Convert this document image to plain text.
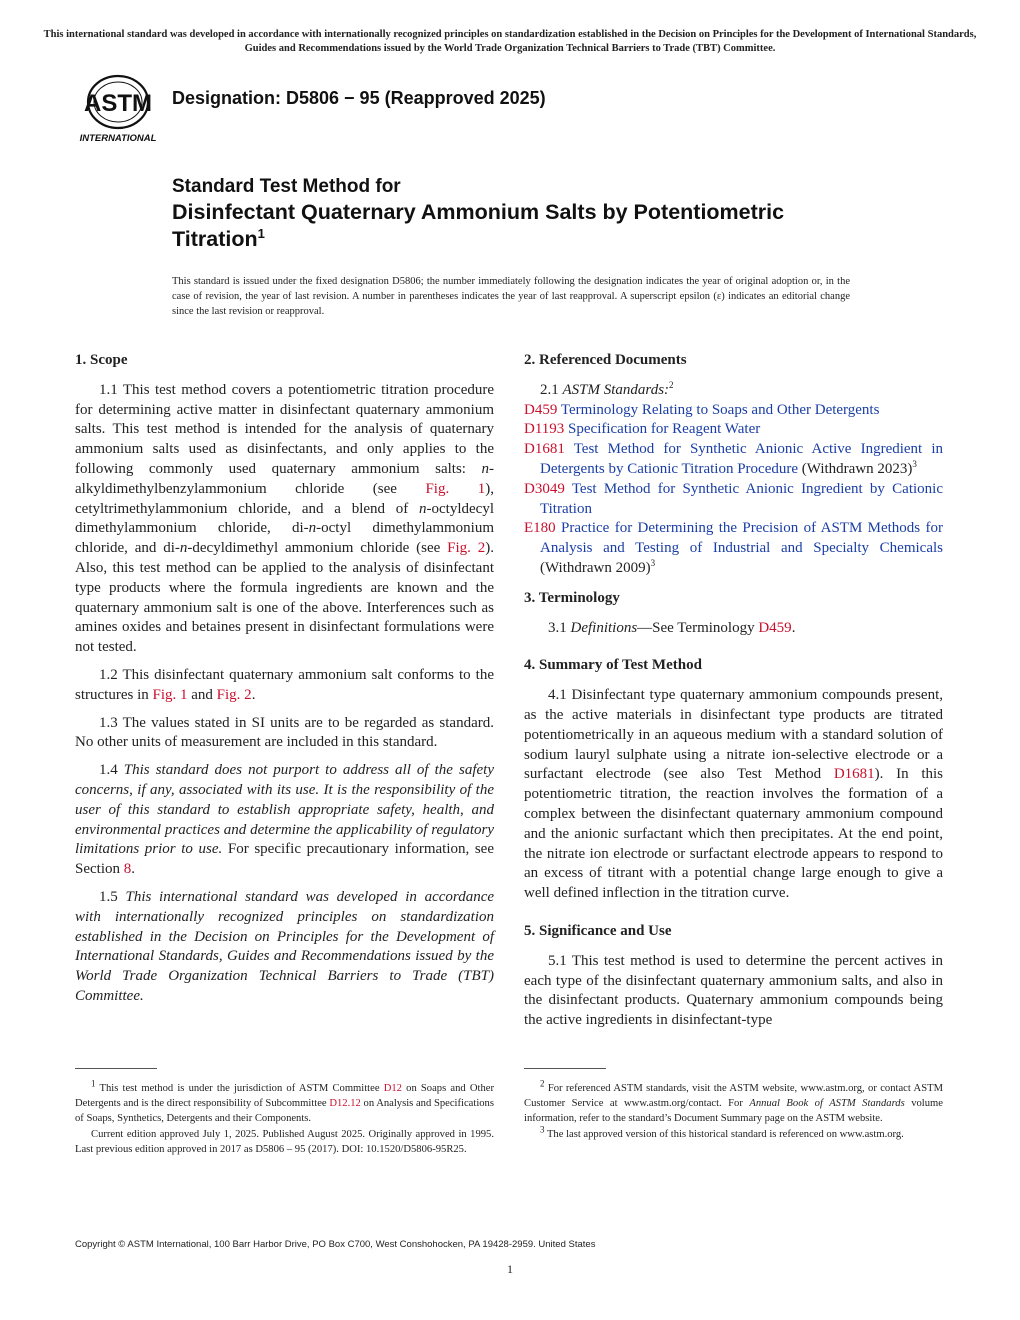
This international standard was developed in accordance with internationally recognized principles on standardization established in the Decision on Principles for the Development of International Standards, Guides and Recommendations issued by the World Trade Organization Technical Barriers to Trade (TBT) Committee.
ASTM
INTERNATIONAL
Designation: D5806 − 95 (Reapproved 2025)
Standard Test Method for
Disinfectant Quaternary Ammonium Salts by Potentiometric
Titration$^1$
This standard is issued under the fixed designation D5806; the number immediately following the designation indicates the year of original adoption or, in the case of revision, the year of last revision. A number in parentheses indicates the year of last reapproval. A superscript epsilon (ε) indicates an editorial change since the last revision or reapproval.
1. Scope

1.1 This test method covers a potentiometric titration procedure for determining active matter in disinfectant quaternary ammonium salts. This test method is intended for the analysis of quaternary ammonium salts used as disinfectants, and only applies to the following commonly used quaternary ammonium salts: n-alkyldimethylbenzylammonium chloride (see Fig. 1), cetyltrimethylammonium chloride, and a blend of n-octyldecyl dimethylammonium chloride, di-n-octyl dimethylammonium chloride, and di-n-decyldimethyl ammonium chloride (see Fig. 2). Also, this test method can be applied to the analysis of disinfectant type products where the formula ingredients are known and the quaternary ammonium salt is one of the above. Interferences such as amines oxides and betaines present in disinfectant formulations were not tested.

1.2 This disinfectant quaternary ammonium salt conforms to the structures in Fig. 1 and Fig. 2.

1.3 The values stated in SI units are to be regarded as standard. No other units of measurement are included in this standard.

1.4 This standard does not purport to address all of the safety concerns, if any, associated with its use. It is the responsibility of the user of this standard to establish appropriate safety, health, and environmental practices and determine the applicability of regulatory limitations prior to use. For specific precautionary information, see Section 8.

1.5 This international standard was developed in accordance with internationally recognized principles on standardization established in the Decision on Principles for the Development of International Standards, Guides and Recommendations issued by the World Trade Organization Technical Barriers to Trade (TBT) Committee.

2. Referenced Documents

2.1 ASTM Standards:$^2$

D459 Terminology Relating to Soaps and Other Detergents

D1193 Specification for Reagent Water

D1681 Test Method for Synthetic Anionic Active Ingredient in Detergents by Cationic Titration Procedure (Withdrawn 2023)$^3$

D3049 Test Method for Synthetic Anionic Ingredient by Cationic Titration

E180 Practice for Determining the Precision of ASTM Methods for Analysis and Testing of Industrial and Specialty Chemicals (Withdrawn 2009)$^3$

3. Terminology

3.1 Definitions—See Terminology D459.

4. Summary of Test Method

4.1 Disinfectant type quaternary ammonium compounds present, as the active materials in disinfectant type products are titrated potentiometrically in an aqueous medium with a standard solution of sodium lauryl sulphate using a nitrate ion-selective electrode or a surfactant electrode (see also Test Method D1681). In this potentiometric titration, the reaction involves the formation of a complex between the disinfectant quaternary ammonium compound and the anionic surfactant which then precipitates. At the end point, the nitrate ion electrode or surfactant electrode appears to respond to an excess of titrant with a potential change large enough to give a well defined inflection in the titration curve.

5. Significance and Use

5.1 This test method is used to determine the percent actives in each type of the disinfectant quaternary ammonium salts, and also in the disinfectant products. Quaternary ammonium compounds being the active ingredients in disinfectant-type

$^1$ This test method is under the jurisdiction of ASTM Committee D12 on Soaps and Other Detergents and is the direct responsibility of Subcommittee D12.12 on Analysis and Specifications of Soaps, Synthetics, Detergents and their Components.

Current edition approved July 1, 2025. Published August 2025. Originally approved in 1995. Last previous edition approved in 2017 as D5806 – 95 (2017). DOI: 10.1520/D5806-95R25.

$^2$ For referenced ASTM standards, visit the ASTM website, www.astm.org, or contact ASTM Customer Service at www.astm.org/contact. For Annual Book of ASTM Standards volume information, refer to the standard’s Document Summary page on the ASTM website.

$^3$ The last approved version of this historical standard is referenced on www.astm.org.

Copyright © ASTM International, 100 Barr Harbor Drive, PO Box C700, West Conshohocken, PA 19428-2959. United States
1
